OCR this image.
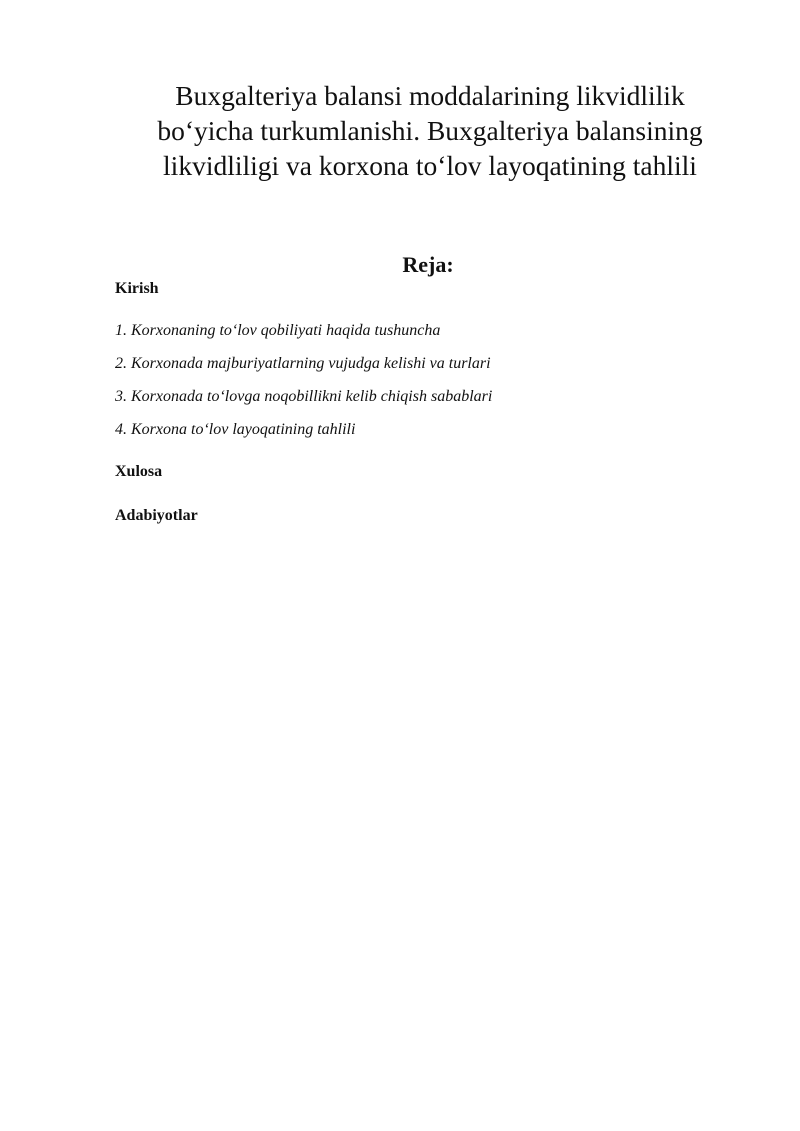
Buxgalteriya balansi moddalarining likvidlilik
bo‘yicha turkumlanishi. Buxgalteriya balansining
likvidliligi va korxona to‘lov layoqatining tahlili
Reja:

Kirish

1. Korxonaning to‘lov qobiliyati haqida tushuncha
2. Korxonada majburiyatlarning vujudga kelishi va turlari
3. Korxonada to‘lovga noqobillikni kelib chiqish sabablari
4. Korxona to‘lov layoqatining tahlili

Xulosa

Adabiyotlar
